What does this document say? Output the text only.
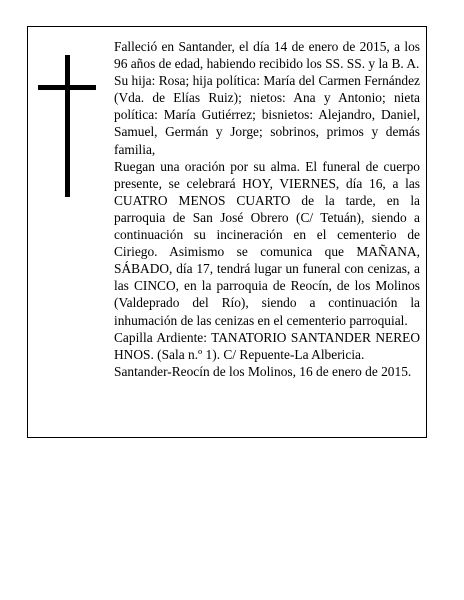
Falleció en Santander, el día 14 de enero de 2015, a los 96 años de edad, habiendo recibido los SS. SS. y la B. A.

Su hija: Rosa; hija política: María del Carmen Fernández (Vda. de Elías Ruiz); nietos: Ana y Antonio; nieta política: María Gutiérrez; bisnietos: Alejandro, Daniel, Samuel, Germán y Jorge; sobrinos, primos y demás familia,

Ruegan una oración por su alma. El funeral de cuerpo presente, se celebrará HOY, VIERNES, día 16, a las CUATRO MENOS CUARTO de la tarde, en la parroquia de San José Obrero (C/ Tetuán), siendo a continuación su incineración en el cementerio de Ciriego. Asimismo se comunica que MAÑANA, SÁBADO, día 17, tendrá lugar un funeral con cenizas, a las CINCO, en la parroquia de Reocín, de los Molinos (Valdeprado del Río), siendo a continuación la inhumación de las cenizas en el cementerio parroquial.

Capilla Ardiente: TANATORIO SANTANDER NEREO HNOS. (Sala n.º 1). C/ Repuente-La Albericia.

Santander-Reocín de los Molinos, 16 de enero de 2015.
